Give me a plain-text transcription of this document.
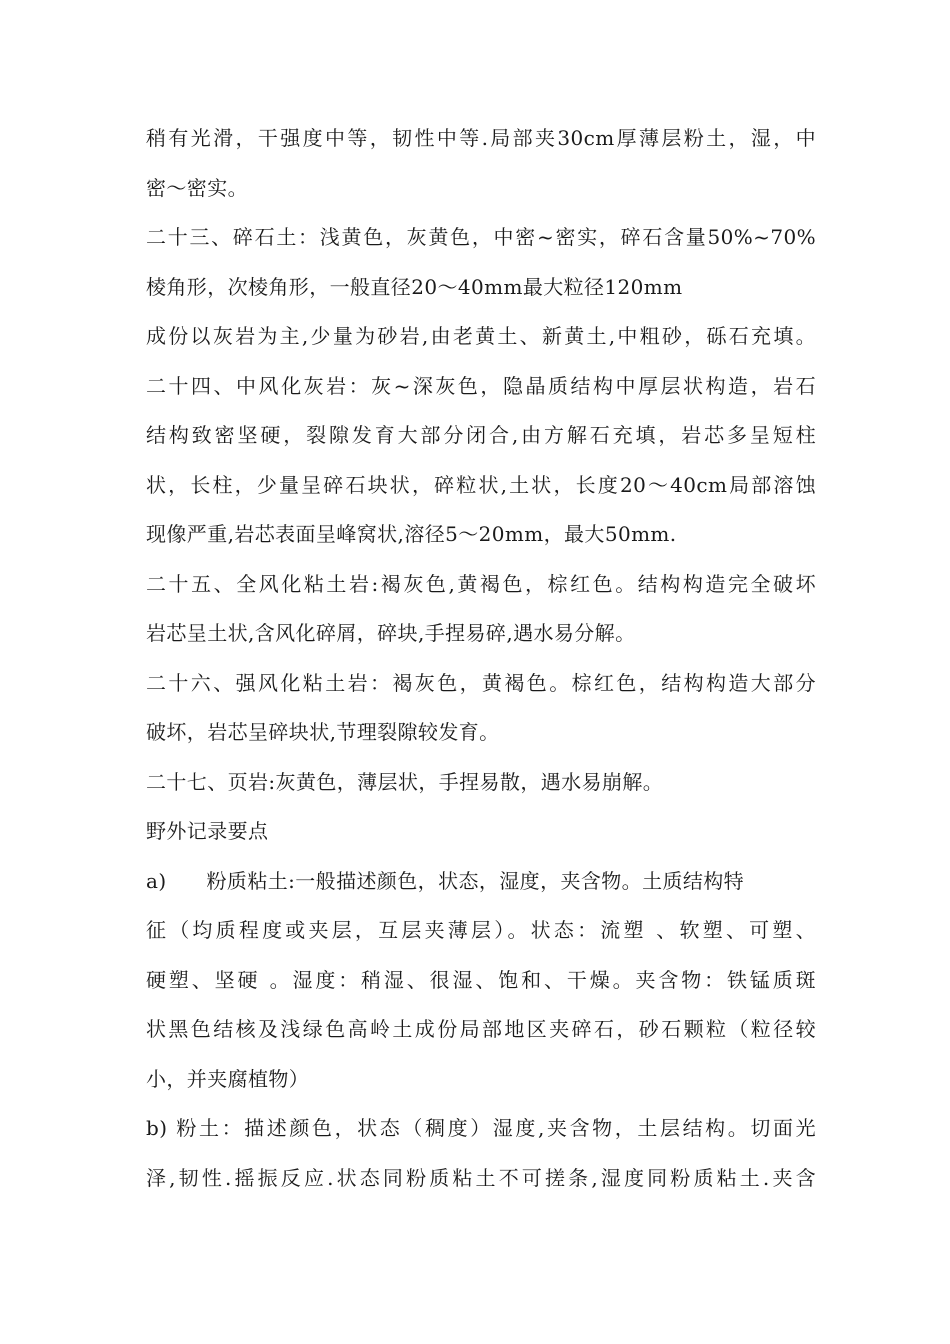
稍有光滑，干强度中等，韧性中等.局部夹30cm厚薄层粉土，湿，中
密～密实。
二十三、碎石土：浅黄色，灰黄色，中密~密实，碎石含量50%~70%
棱角形，次棱角形，一般直径20～40mm最大粒径120mm
成份以灰岩为主,少量为砂岩,由老黄土、新黄土,中粗砂，砾石充填。
二十四、中风化灰岩：灰~深灰色，隐晶质结构中厚层状构造，岩石
结构致密坚硬，裂隙发育大部分闭合,由方解石充填，岩芯多呈短柱
状，长柱，少量呈碎石块状，碎粒状,土状，长度20～40cm局部溶蚀
现像严重,岩芯表面呈峰窝状,溶径5～20mm，最大50mm.
二十五、全风化粘土岩:褐灰色,黄褐色，棕红色。结构构造完全破坏
岩芯呈土状,含风化碎屑，碎块,手捏易碎,遇水易分解。
二十六、强风化粘土岩：褐灰色，黄褐色。棕红色，结构构造大部分
破坏，岩芯呈碎块状,节理裂隙较发育。
二十七、页岩:灰黄色，薄层状，手捏易散，遇水易崩解。
野外记录要点
a) 粉质粘土:一般描述颜色，状态，湿度，夹含物。土质结构特
征（均质程度或夹层，互层夹薄层）。状态：流塑 、软塑、可塑、
硬塑、坚硬 。湿度：稍湿、很湿、饱和、干燥。夹含物：铁锰质斑
状黑色结核及浅绿色高岭土成份局部地区夹碎石，砂石颗粒（粒径较
小，并夹腐植物）
b) 粉土：描述颜色，状态（稠度）湿度,夹含物，土层结构。切面光
泽,韧性.摇振反应.状态同粉质粘土不可搓条,湿度同粉质粘土.夹含
